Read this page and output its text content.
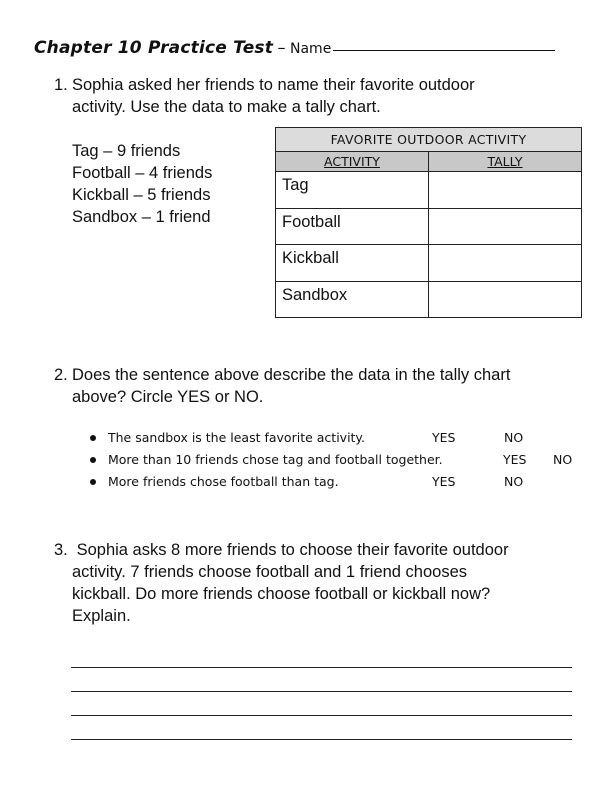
Chapter 10 Practice Test – Name
1. Sophia asked her friends to name their favorite outdoor
activity. Use the data to make a tally chart.
Tag – 9 friends
Football – 4 friends
Kickball – 5 friends
Sandbox – 1 friend
FAVORITE OUTDOOR ACTIVITY	
ACTIVITY	TALLY
Tag	
Football	
Kickball	
Sandbox	
2. Does the sentence above describe the data in the tally chart
above? Circle YES or NO.
The sandbox is the least favorite activity.	YES	NO
More than 10 friends chose tag and football together.	YES NO
More friends chose football than tag.	YES	NO
3. Sophia asks 8 more friends to choose their favorite outdoor
activity. 7 friends choose football and 1 friend chooses
kickball. Do more friends choose football or kickball now?
Explain.
